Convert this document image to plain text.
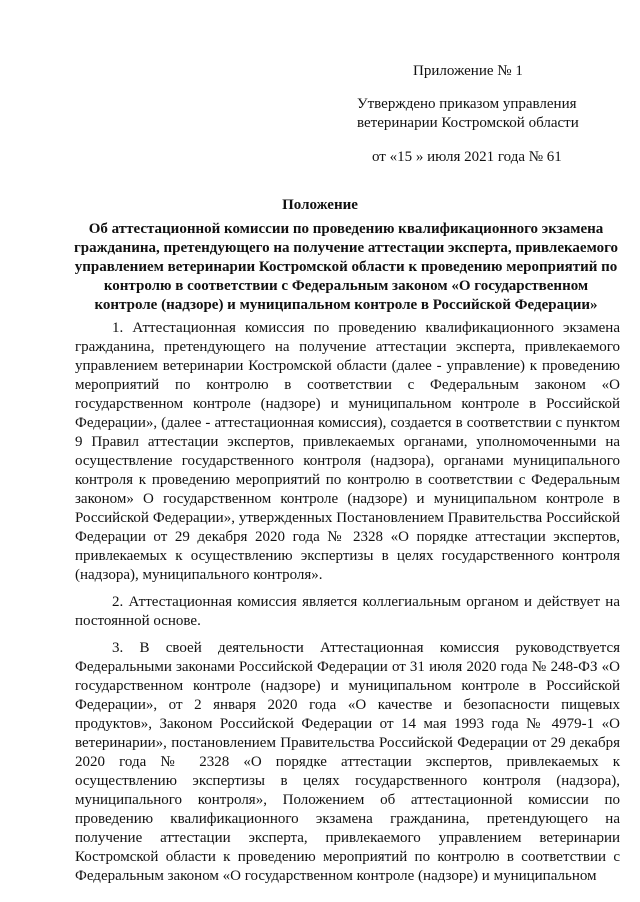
Приложение № 1
Утверждено приказом управления
ветеринарии Костромской области
от «15 » июля 2021 года № 61
Положение
Об аттестационной комиссии по проведению квалификационного экзамена гражданина, претендующего на получение аттестации эксперта, привлекаемого управлением ветеринарии Костромской области к проведению мероприятий по контролю в соответствии с Федеральным законом «О государственном контроле (надзоре) и муниципальном контроле в Российской Федерации»

1. Аттестационная комиссия по проведению квалификационного экзамена гражданина, претендующего на получение аттестации эксперта, привлекаемого управлением ветеринарии Костромской области (далее - управление) к проведению мероприятий по контролю в соответствии с Федеральным законом «О государственном контроле (надзоре) и муниципальном контроле в Российской Федерации», (далее - аттестационная комиссия), создается в соответствии с пунктом 9 Правил аттестации экспертов, привлекаемых органами, уполномоченными на осуществление государственного контроля (надзора), органами муниципального контроля к проведению мероприятий по контролю в соответствии с Федеральным законом» О государственном контроле (надзоре) и муниципальном контроле в Российской Федерации», утвержденных Постановлением Правительства Российской Федерации от 29 декабря 2020 года № 2328 «О порядке аттестации экспертов, привлекаемых к осуществлению экспертизы в целях государственного контроля (надзора), муниципального контроля».

2. Аттестационная комиссия является коллегиальным органом и действует на постоянной основе.

3. В своей деятельности Аттестационная комиссия руководствуется Федеральными законами Российской Федерации от 31 июля 2020 года № 248-ФЗ «О государственном контроле (надзоре) и муниципальном контроле в Российской Федерации», от 2 января 2020 года «О качестве и безопасности пищевых продуктов», Законом Российской Федерации от 14 мая 1993 года № 4979-1 «О ветеринарии», постановлением Правительства Российской Федерации от 29 декабря 2020 года № 2328 «О порядке аттестации экспертов, привлекаемых к осуществлению экспертизы в целях государственного контроля (надзора), муниципального контроля», Положением об аттестационной комиссии по проведению квалификационного экзамена гражданина, претендующего на получение аттестации эксперта, привлекаемого управлением ветеринарии Костромской области к проведению мероприятий по контролю в соответствии с Федеральным законом «О государственном контроле (надзоре) и муниципальном
